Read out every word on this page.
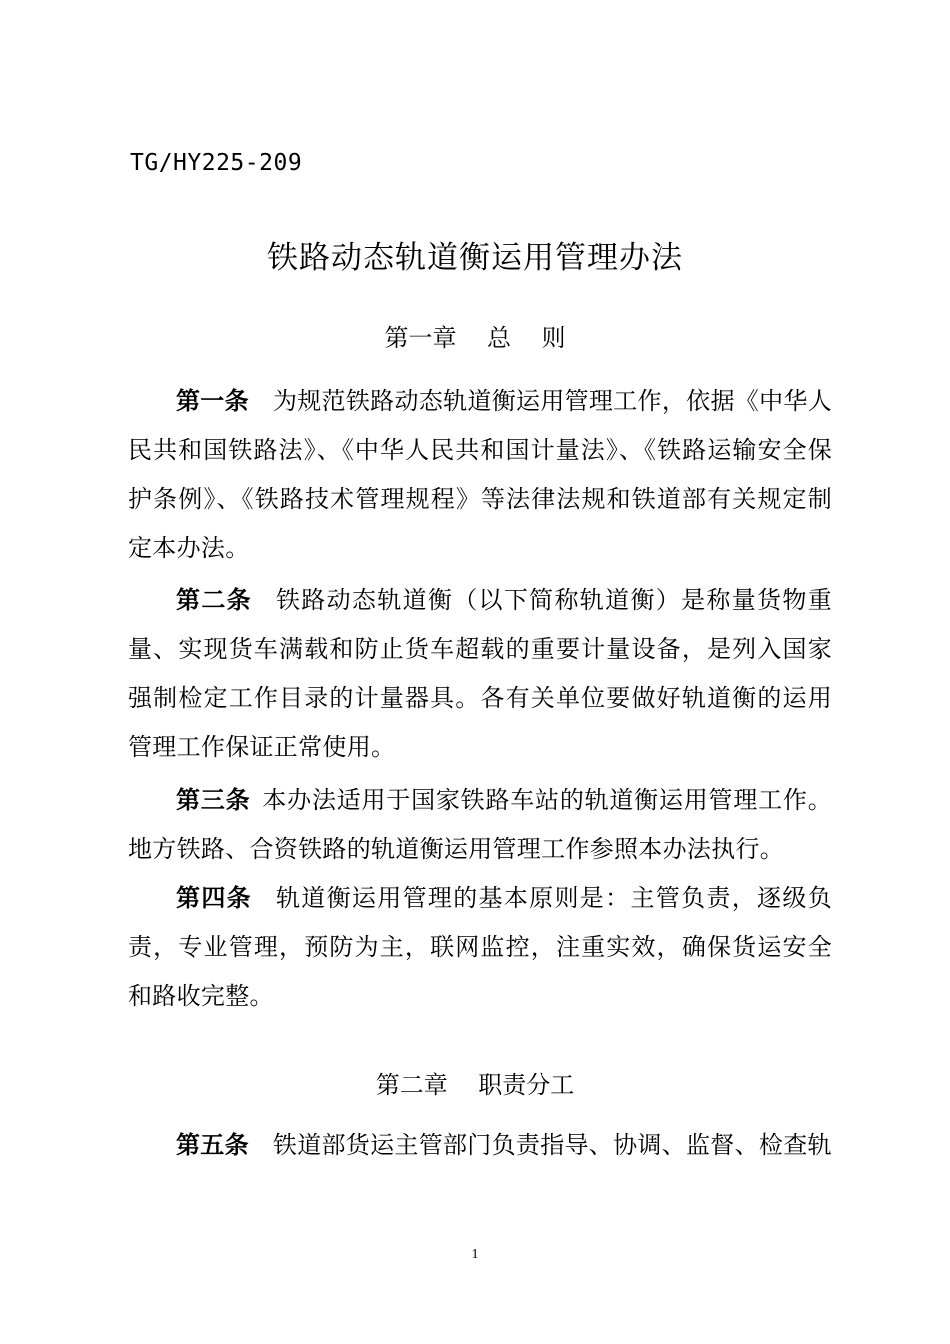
TG/HY225-209
铁路动态轨道衡运用管理办法
第一章    总    则

第一条 为规范铁路动态轨道衡运用管理工作，依据《中华人民共和国铁路法》、《中华人民共和国计量法》、《铁路运输安全保护条例》、《铁路技术管理规程》等法律法规和铁道部有关规定制定本办法。

第二条 铁路动态轨道衡（以下简称轨道衡）是称量货物重量、实现货车满载和防止货车超载的重要计量设备，是列入国家强制检定工作目录的计量器具。各有关单位要做好轨道衡的运用管理工作保证正常使用。

第三条 本办法适用于国家铁路车站的轨道衡运用管理工作。地方铁路、合资铁路的轨道衡运用管理工作参照本办法执行。

第四条 轨道衡运用管理的基本原则是：主管负责，逐级负责，专业管理，预防为主，联网监控，注重实效，确保货运安全和路收完整。

第二章    职责分工

第五条 铁道部货运主管部门负责指导、协调、监督、检查轨

1
